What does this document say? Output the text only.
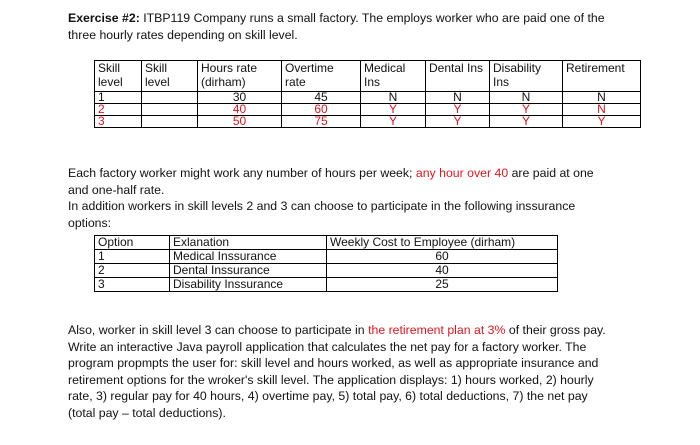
Exercise #2: ITBP119 Company runs a small factory. The employs worker who are paid one of the
three hourly rates depending on skill level.
Skill level	Skill level	Hours rate (dirham)	Overtime rate	Medical Ins	Dental Ins	Disability Ins	Retirement
1		30	45	N	N	N	N
2		40	60	Y	Y	Y	N
3		50	75	Y	Y	Y	Y
Each factory worker might work any number of hours per week; any hour over 40 are paid at one
and one-half rate.
In addition workers in skill levels 2 and 3 can choose to participate in the following inssurance
options:
Option	Exlanation	Weekly Cost to Employee (dirham)
1	Medical Inssurance	60
2	Dental Inssurance	40
3	Disability Inssurance	25
Also, worker in skill level 3 can choose to participate in the retirement plan at 3% of their gross pay.
Write an interactive Java payroll application that calculates the net pay for a factory worker. The
program propmpts the user for: skill level and hours worked, as well as appropriate insurance and
retirement options for the wroker's skill level. The application displays: 1) hours worked, 2) hourly
rate, 3) regular pay for 40 hours, 4) overtime pay, 5) total pay, 6) total deductions, 7) the net pay
(total pay – total deductions).
